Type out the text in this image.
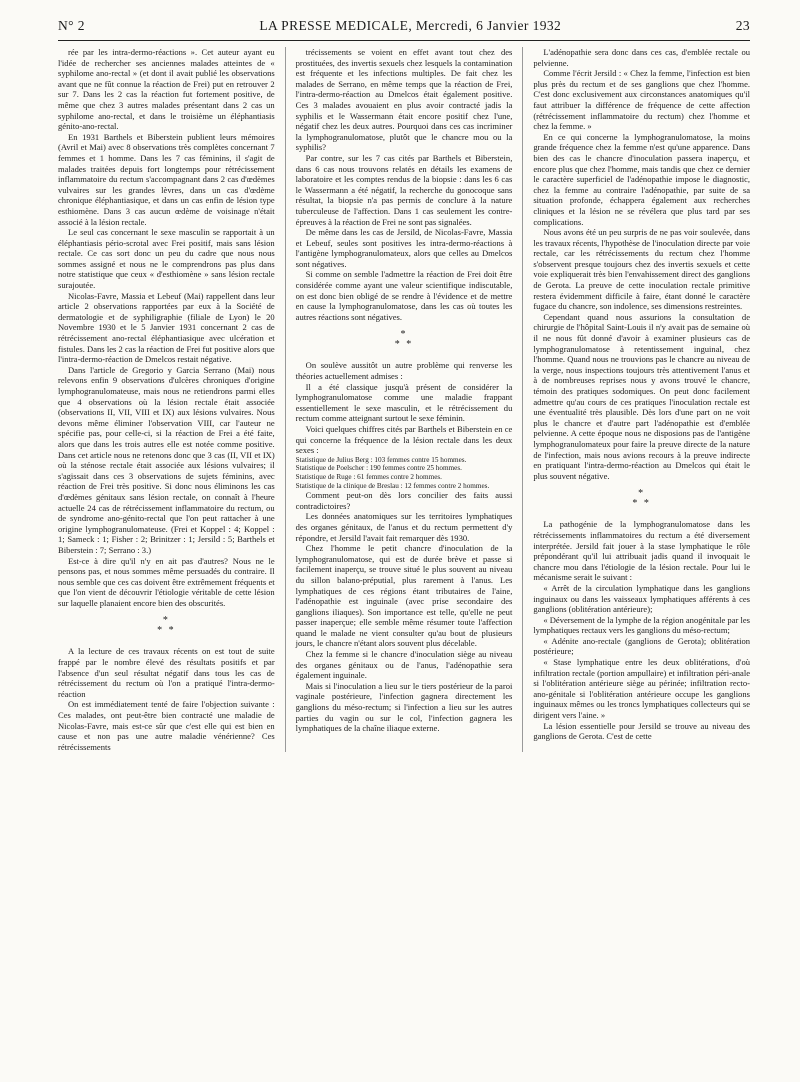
N° 2	LA PRESSE MEDICALE, Mercredi, 6 Janvier 1932	23

rée par les intra-dermo-réactions ». Cet auteur ayant eu l'idée de rechercher ses anciennes malades atteintes de « syphilome ano-rectal » (et dont il avait publié les observations avant que ne fût connue la réaction de Frei) put en retrouver 2 sur 7. Dans les 2 cas la réaction fut fortement positive, de même que chez 3 autres malades présentant dans 2 cas un syphilome ano-rectal, et dans le troisième un éléphantiasis génito-ano-rectal.

En 1931 Barthels et Biberstein publient leurs mémoires (Avril et Mai) avec 8 observations très complètes concernant 7 femmes et 1 homme. Dans les 7 cas féminins, il s'agit de malades traitées depuis fort longtemps pour rétrécissement inflammatoire du rectum s'accompagnant dans 2 cas d'œdèmes vulvaires sur les grandes lèvres, dans un cas d'œdème chronique éléphantiasique, et dans un cas enfin de lésion type esthiomène. Dans 3 cas aucun œdème de voisinage n'était associé à la lésion rectale.

Le seul cas concernant le sexe masculin se rapportait à un éléphantiasis pério-scrotal avec Frei positif, mais sans lésion rectale. Ce cas sort donc un peu du cadre que nous nous sommes assigné et nous ne le comprendrons pas plus dans notre statistique que ceux « d'esthiomène » sans lésion rectale surajoutée.

Nicolas-Favre, Massia et Lebeuf (Mai) rappellent dans leur article 2 observations rapportées par eux à la Société de dermatologie et de syphiligraphie (filiale de Lyon) le 20 Novembre 1930 et le 5 Janvier 1931 concernant 2 cas de rétrécissement ano-rectal éléphantiasique avec ulcération et fistules. Dans les 2 cas la réaction de Frei fut positive alors que l'intra-dermo-réaction de Dmelcos restait négative.

Dans l'article de Gregorio y Garcia Serrano (Mai) nous relevons enfin 9 observations d'ulcères chroniques d'origine lymphogranulomateuse, mais nous ne retiendrons parmi elles que 4 observations où la lésion rectale était associée (observations II, VII, VIII et IX) aux lésions vulvaires. Nous devons même éliminer l'observation VIII, car l'auteur ne spécifie pas, pour celle-ci, si la réaction de Frei a été faite, alors que dans les trois autres elle est notée comme positive. Dans cet article nous ne retenons donc que 3 cas (II, VII et IX) où la sténose rectale était associée aux lésions vulvaires; il s'agissait dans ces 3 observations de sujets féminins, avec réaction de Frei très positive. Si donc nous éliminons les cas d'œdèmes génitaux sans lésion rectale, on connaît à l'heure actuelle 24 cas de rétrécissement inflammatoire du rectum, ou de syndrome ano-génito-rectal que l'on peut rattacher à une origine lymphogranulomateuse. (Frei et Koppel : 4; Koppel : 1; Sameck : 1; Fisher : 2; Brinitzer : 1; Jersild : 5; Barthels et Biberstein : 7; Serrano : 3.)

Est-ce à dire qu'il n'y en ait pas d'autres? Nous ne le pensons pas, et nous sommes même persuadés du contraire. Il nous semble que ces cas doivent être extrêmement fréquents et que l'on vient de découvrir l'étiologie véritable de cette lésion sur laquelle planaient encore bien des obscurités.

*
* *

A la lecture de ces travaux récents on est tout de suite frappé par le nombre élevé des résultats positifs et par l'absence d'un seul résultat négatif dans tous les cas de rétrécissement du rectum où l'on a pratiqué l'intra-dermo-réaction

On est immédiatement tenté de faire l'objection suivante : Ces malades, ont peut-être bien contracté une maladie de Nicolas-Favre, mais est-ce sûr que c'est elle qui est bien en cause et non pas une autre maladie vénérienne? Ces rétrécissements

trécissements se voient en effet avant tout chez des prostituées, des invertis sexuels chez lesquels la contamination est fréquente et les infections multiples. De fait chez les malades de Serrano, en même temps que la réaction de Frei, l'intra-dermo-réaction au Dmelcos était également positive. Ces 3 malades avouaient en plus avoir contracté jadis la syphilis et le Wassermann était encore positif chez l'une, négatif chez les deux autres. Pourquoi dans ces cas incriminer la lymphogranulomatose, plutôt que le chancre mou ou la syphilis?

Par contre, sur les 7 cas cités par Barthels et Biberstein, dans 6 cas nous trouvons relatés en détails les examens de laboratoire et les comptes rendus de la biopsie : dans les 6 cas le Wassermann a été négatif, la recherche du gonocoque sans résultat, la biopsie n'a pas permis de conclure à la nature tuberculeuse de l'affection. Dans 1 cas seulement les contre-épreuves à la réaction de Frei ne sont pas signalées.

De même dans les cas de Jersild, de Nicolas-Favre, Massia et Lebeuf, seules sont positives les intra-dermo-réactions à l'antigène lymphogranulomateux, alors que celles au Dmelcos sont négatives.

Si comme on semble l'admettre la réaction de Frei doit être considérée comme ayant une valeur scientifique indiscutable, on est donc bien obligé de se rendre à l'évidence et de mettre en cause la lymphogranulomatose, dans les cas où toutes les autres réactions sont négatives.

*
* *

On soulève aussitôt un autre problème qui renverse les théories actuellement admises :

Il a été classique jusqu'à présent de considérer la lymphogranulomatose comme une maladie frappant essentiellement le sexe masculin, et le rétrécissement du rectum comme atteignant surtout le sexe féminin.

Voici quelques chiffres cités par Barthels et Biberstein en ce qui concerne la fréquence de la lésion rectale dans les deux sexes :

Statistique de Julius Berg : 103 femmes contre 15 hommes.

Statistique de Poelscher : 190 femmes contre 25 hommes.

Statistique de Ruge : 61 femmes contre 2 hommes.

Statistique de la clinique de Breslau : 12 femmes contre 2 hommes.

Comment peut-on dès lors concilier des faits aussi contradictoires?

Les données anatomiques sur les territoires lymphatiques des organes génitaux, de l'anus et du rectum permettent d'y répondre, et Jersild l'avait fait remarquer dès 1930.

Chez l'homme le petit chancre d'inoculation de la lymphogranulomatose, qui est de durée brève et passe si facilement inaperçu, se trouve situé le plus souvent au niveau du sillon balano-préputial, plus rarement à l'anus. Les lymphatiques de ces régions étant tributaires de l'aine, l'adénopathie est inguinale (avec prise secondaire des ganglions iliaques). Son importance est telle, qu'elle ne peut passer inaperçue; elle semble même résumer toute l'affection quand le malade ne vient consulter qu'au bout de plusieurs jours, le chancre n'étant alors souvent plus décelable.

Chez la femme si le chancre d'inoculation siège au niveau des organes génitaux ou de l'anus, l'adénopathie sera également inguinale.

Mais si l'inoculation a lieu sur le tiers postérieur de la paroi vaginale postérieure, l'infection gagnera directement les ganglions du méso-rectum; si l'infection a lieu sur les autres parties du vagin ou sur le col, l'infection gagnera les lymphatiques de la chaîne iliaque externe.

L'adénopathie sera donc dans ces cas, d'emblée rectale ou pelvienne.

Comme l'écrit Jersild : « Chez la femme, l'infection est bien plus près du rectum et de ses ganglions que chez l'homme. C'est donc exclusivement aux circonstances anatomiques qu'il faut attribuer la différence de fréquence de cette affection (rétrécissement inflammatoire du rectum) chez l'homme et chez la femme. »

En ce qui concerne la lymphogranulomatose, la moins grande fréquence chez la femme n'est qu'une apparence. Dans bien des cas le chancre d'inoculation passera inaperçu, et encore plus que chez l'homme, mais tandis que chez ce dernier le caractère superficiel de l'adénopathie impose le diagnostic, chez la femme au contraire l'adénopathie, par suite de sa situation profonde, échappera également aux recherches cliniques et la lésion ne se révélera que plus tard par ses complications.

Nous avons été un peu surpris de ne pas voir soulevée, dans les travaux récents, l'hypothèse de l'inoculation directe par voie rectale, car les rétrécissements du rectum chez l'homme s'observent presque toujours chez des invertis sexuels et cette voie expliquerait très bien l'envahissement direct des ganglions de Gerota. La preuve de cette inoculation rectale primitive restera évidemment difficile à faire, étant donné le caractère fugace du chancre, son indolence, ses dimensions restreintes.

Cependant quand nous assurions la consultation de chirurgie de l'hôpital Saint-Louis il n'y avait pas de semaine où il ne nous fût donné d'avoir à examiner plusieurs cas de lymphogranulomatose à retentissement inguinal, chez l'homme. Quand nous ne trouvions pas le chancre au niveau de la verge, nous inspections toujours très attentivement l'anus et à de nombreuses reprises nous y avons trouvé le chancre, témoin des pratiques sodomiques. On peut donc facilement admettre qu'au cours de ces pratiques l'inoculation rectale est une éventualité très plausible. Dès lors d'une part on ne voit plus le chancre et d'autre part l'adénopathie est d'emblée pelvienne. A cette époque nous ne disposions pas de l'antigène lymphogranulomateux pour faire la preuve directe de la nature de l'infection, mais nous avions recours à la preuve indirecte en pratiquant l'intra-dermo-réaction au Dmelcos qui était le plus souvent négative.

*
* *

La pathogénie de la lymphogranulomatose dans les rétrécissements inflammatoires du rectum a été diversement interprétée. Jersild fait jouer à la stase lymphatique le rôle prépondérant qu'il lui attribuait jadis quand il invoquait le chancre mou dans l'étiologie de la lésion rectale. Pour lui le mécanisme serait le suivant :

« Arrêt de la circulation lymphatique dans les ganglions inguinaux ou dans les vaisseaux lymphatiques afférents à ces ganglions (oblitération antérieure);

« Déversement de la lymphe de la région anogénitale par les lymphatiques rectaux vers les ganglions du méso-rectum;

« Adénite ano-rectale (ganglions de Gerota); oblitération postérieure;

« Stase lymphatique entre les deux oblitérations, d'où infiltration rectale (portion ampullaire) et infiltration péri-anale si l'oblitération antérieure siège au périnée; infiltration recto-ano-génitale si l'oblitération antérieure occupe les ganglions inguinaux mêmes ou les troncs lymphatiques collecteurs qui se dirigent vers l'aine. »

La lésion essentielle pour Jersild se trouve au niveau des ganglions de Gerota. C'est de cette
